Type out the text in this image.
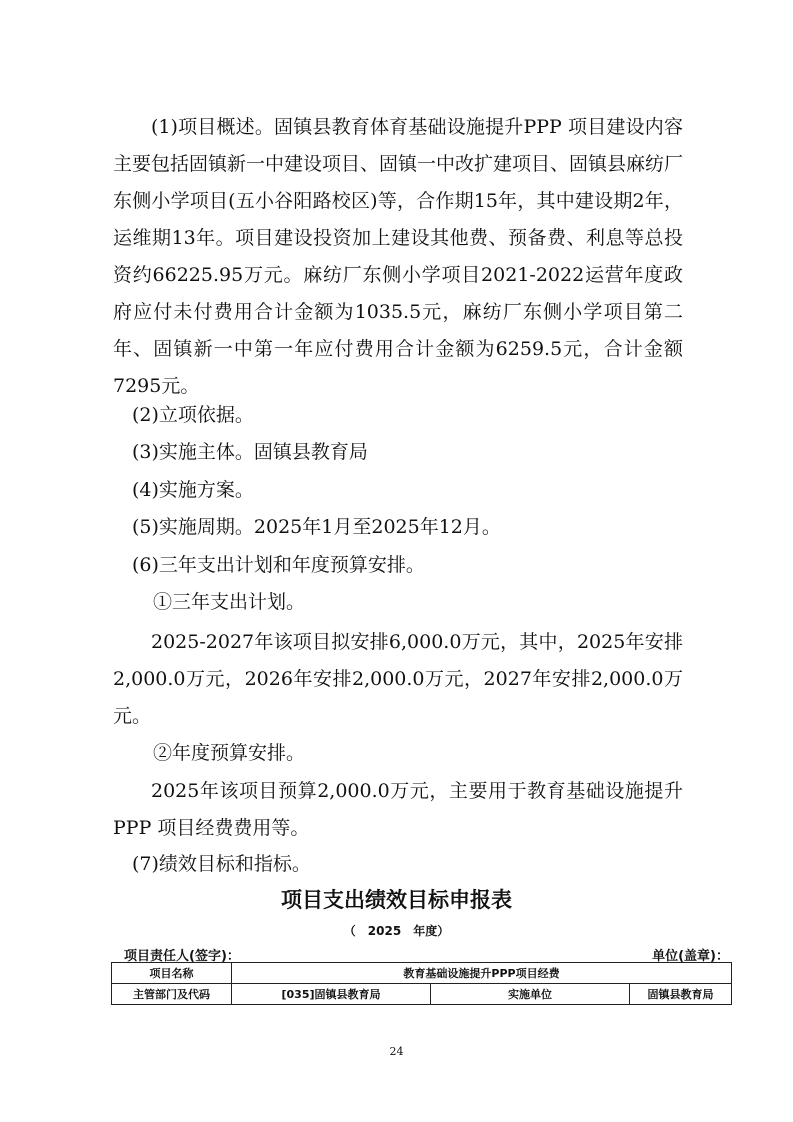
(1)项目概述。固镇县教育体育基础设施提升PPP 项目建设内容主要包括固镇新一中建设项目、固镇一中改扩建项目、固镇县麻纺厂东侧小学项目(五小谷阳路校区)等，合作期15年，其中建设期2年，运维期13年。项目建设投资加上建设其他费、预备费、利息等总投资约66225.95万元。麻纺厂东侧小学项目2021-2022运营年度政府应付未付费用合计金额为1035.5元，麻纺厂东侧小学项目第二年、固镇新一中第一年应付费用合计金额为6259.5元，合计金额7295元。

(2)立项依据。

(3)实施主体。固镇县教育局

(4)实施方案。

(5)实施周期。2025年1月至2025年12月。

(6)三年支出计划和年度预算安排。

①三年支出计划。

2025-2027年该项目拟安排6,000.0万元，其中，2025年安排2,000.0万元，2026年安排2,000.0万元，2027年安排2,000.0万元。

②年度预算安排。

2025年该项目预算2,000.0万元，主要用于教育基础设施提升PPP 项目经费费用等。

(7)绩效目标和指标。

项目支出绩效目标申报表
（　2025　年度）
项目责任人(签字)：	单位(盖章)：
项目名称	教育基础设施提升PPP项目经费		
主管部门及代码	[035]固镇县教育局	实施单位	固镇县教育局
24
